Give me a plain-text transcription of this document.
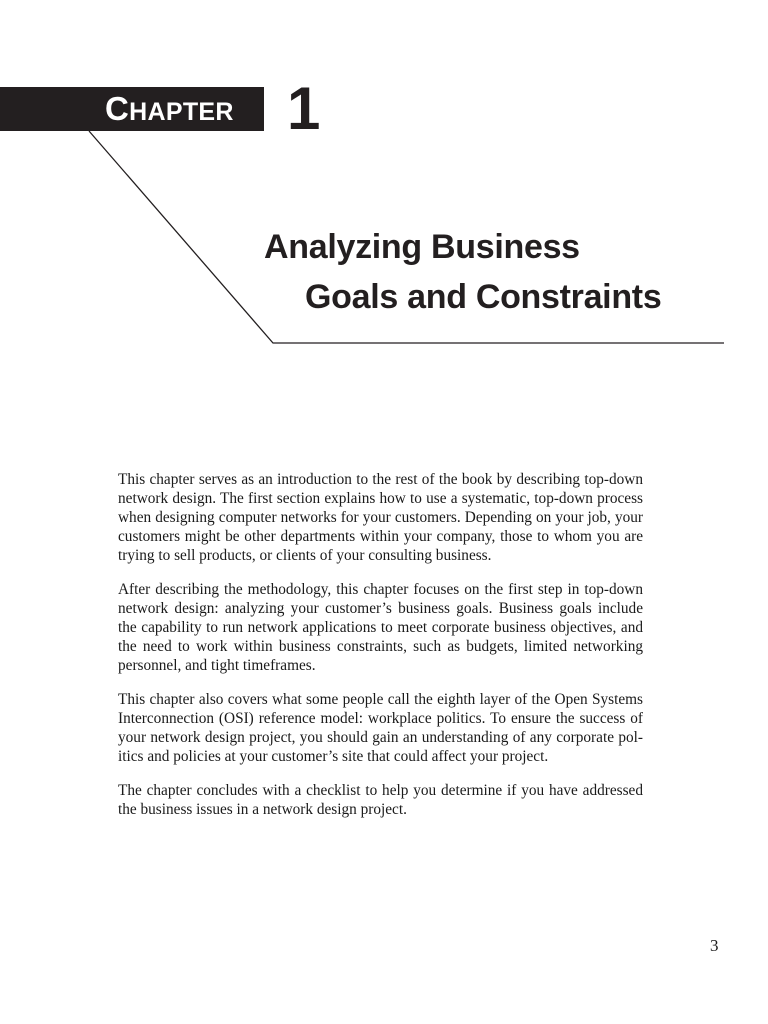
CHAPTER 1
Analyzing Business
Goals and Constraints

This chapter serves as an introduction to the rest of the book by describing top-down network design. The first section explains how to use a systematic, top-down process when designing computer networks for your customers. Depending on your job, your customers might be other departments within your company, those to whom you are trying to sell products, or clients of your consulting business.

After describing the methodology, this chapter focuses on the first step in top-down network design: analyzing your customer’s business goals. Business goals include the capability to run network applications to meet corporate business objectives, and the need to work within business constraints, such as budgets, limited networking personnel, and tight timeframes.

This chapter also covers what some people call the eighth layer of the Open Systems Interconnection (OSI) reference model: workplace politics. To ensure the success of your network design project, you should gain an understanding of any corporate politics and policies at your customer’s site that could affect your project.

The chapter concludes with a checklist to help you determine if you have addressed the business issues in a network design project.

3
